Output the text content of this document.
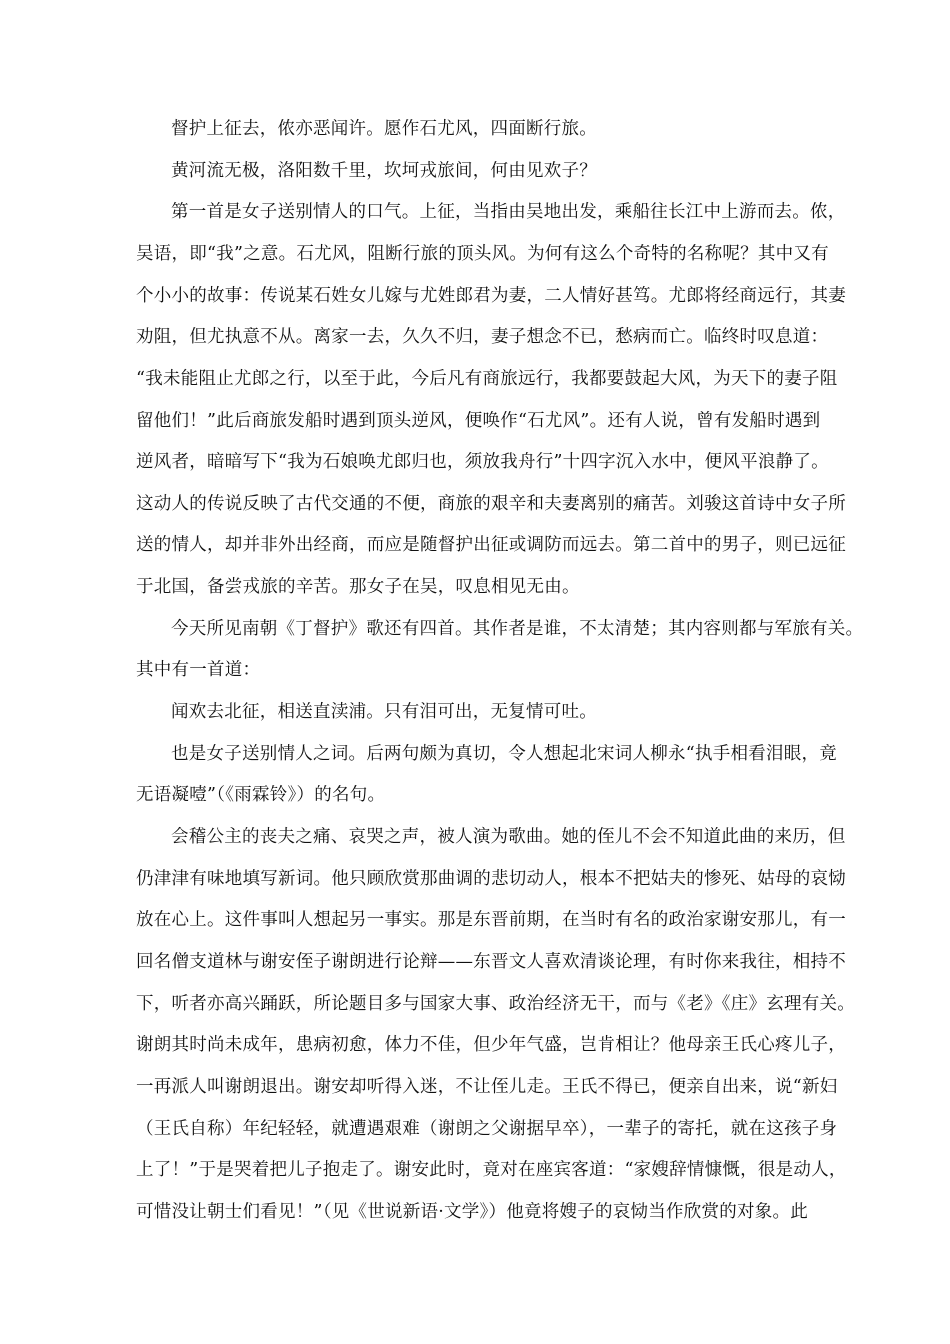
督护上征去，侬亦恶闻许。愿作石尤风，四面断行旅。
黄河流无极，洛阳数千里，坎坷戎旅间，何由见欢子？
第一首是女子送别情人的口气。上征，当指由吴地出发，乘船往长江中上游而去。侬，
吴语，即“我”之意。石尤风，阻断行旅的顶头风。为何有这么个奇特的名称呢？其中又有
个小小的故事：传说某石姓女儿嫁与尤姓郎君为妻，二人情好甚笃。尤郎将经商远行，其妻
劝阻，但尤执意不从。离家一去，久久不归，妻子想念不已，愁病而亡。临终时叹息道：
“我未能阻止尤郎之行，以至于此，今后凡有商旅远行，我都要鼓起大风，为天下的妻子阻
留他们！”此后商旅发船时遇到顶头逆风，便唤作“石尤风”。还有人说，曾有发船时遇到
逆风者，暗暗写下“我为石娘唤尤郎归也，须放我舟行”十四字沉入水中，便风平浪静了。
这动人的传说反映了古代交通的不便，商旅的艰辛和夫妻离别的痛苦。刘骏这首诗中女子所
送的情人，却并非外出经商，而应是随督护出征或调防而远去。第二首中的男子，则已远征
于北国，备尝戎旅的辛苦。那女子在吴，叹息相见无由。
今天所见南朝《丁督护》歌还有四首。其作者是谁，不太清楚；其内容则都与军旅有关。
其中有一首道：
闻欢去北征，相送直渎浦。只有泪可出，无复情可吐。
也是女子送别情人之词。后两句颇为真切，令人想起北宋词人柳永“执手相看泪眼，竟
无语凝噎”（《雨霖铃》）的名句。
会稽公主的丧夫之痛、哀哭之声，被人演为歌曲。她的侄儿不会不知道此曲的来历，但
仍津津有味地填写新词。他只顾欣赏那曲调的悲切动人，根本不把姑夫的惨死、姑母的哀恸
放在心上。这件事叫人想起另一事实。那是东晋前期，在当时有名的政治家谢安那儿，有一
回名僧支道林与谢安侄子谢朗进行论辩——东晋文人喜欢清谈论理，有时你来我往，相持不
下，听者亦高兴踊跃，所论题目多与国家大事、政治经济无干，而与《老》《庄》玄理有关。
谢朗其时尚未成年，患病初愈，体力不佳，但少年气盛，岂肯相让？他母亲王氏心疼儿子，
一再派人叫谢朗退出。谢安却听得入迷，不让侄儿走。王氏不得已，便亲自出来，说“新妇
（王氏自称）年纪轻轻，就遭遇艰难（谢朗之父谢据早卒），一辈子的寄托，就在这孩子身
上了！”于是哭着把儿子抱走了。谢安此时，竟对在座宾客道：“家嫂辞情慷慨，很是动人，
可惜没让朝士们看见！”（见《世说新语·文学》）他竟将嫂子的哀恸当作欣赏的对象。此
